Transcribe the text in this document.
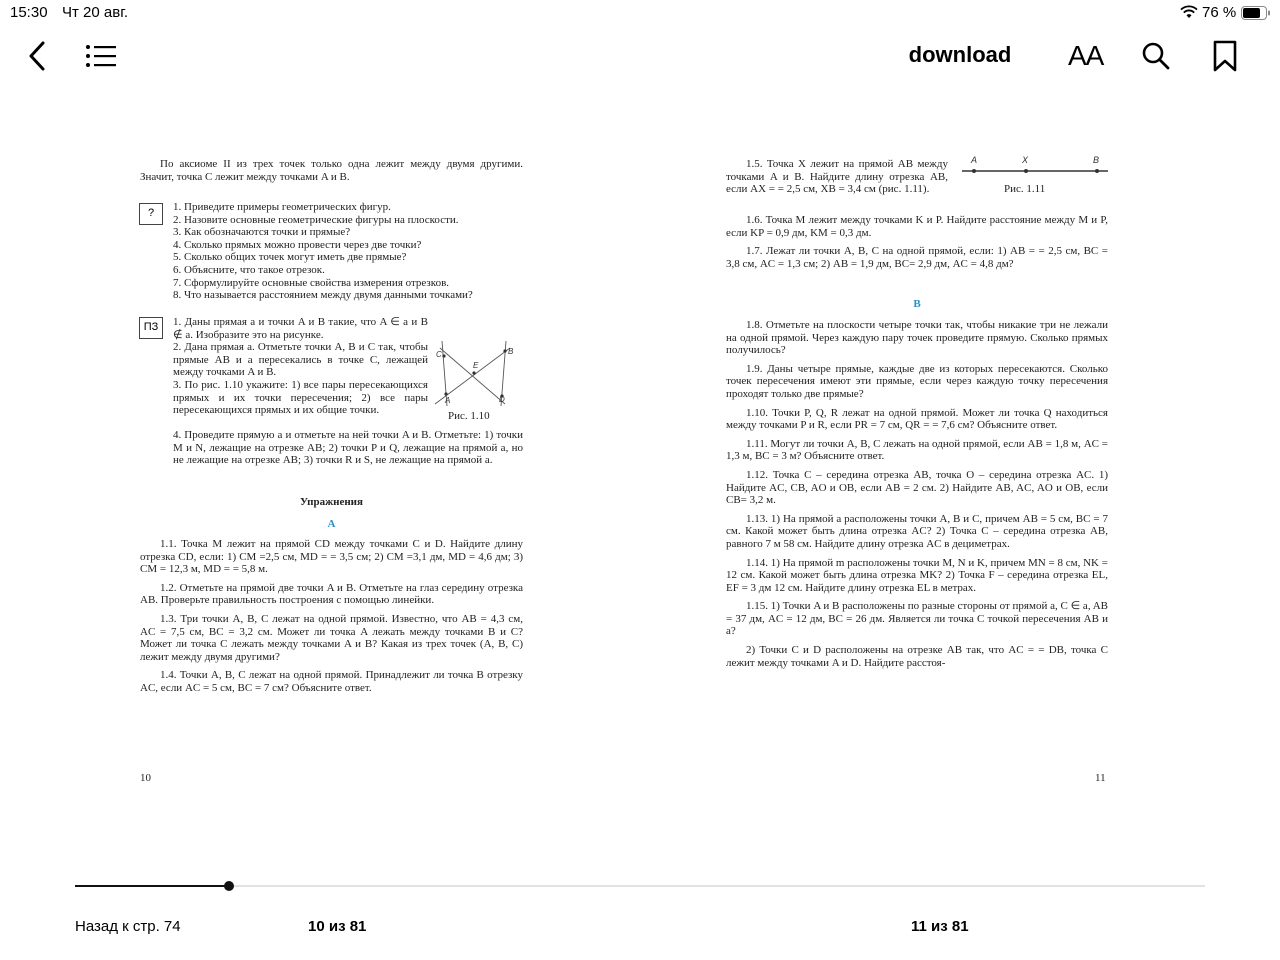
15:30 Чт 20 авг.	76 %
download	AA

По аксиоме II из трех точек только одна лежит между двумя другими. Значит, точка C лежит между точками A и B.

?	1. Приведите примеры геометрических фигур.
2. Назовите основные геометрические фигуры на плоскости.
3. Как обозначаются точки и прямые?
4. Сколько прямых можно провести через две точки?
5. Сколько общих точек могут иметь две прямые?
6. Объясните, что такое отрезок.
7. Сформулируйте основные свойства измерения отрезков.
8. Что называется расстоянием между двумя данными точками?
ПЗ	1. Даны прямая a и точки A и B такие, что A ∈ a и B ∉ a. Изобразите это на рисунке.

2. Дана прямая a. Отметьте точки A, B и C так, чтобы прямые AB и a пересекались в точке C, лежащей между точками A и B.

3. По рис. 1.10 укажите: 1) все пары пересекающихся прямых и их точки пересечения; 2) все пары пересекающихся прямых и их общие точки.

A
B
C
D
E
Рис. 1.10

4. Проведите прямую a и отметьте на ней точки A и B. Отметьте: 1) точки M и N, лежащие на отрезке AB; 2) точки P и Q, лежащие на прямой a, но не лежащие на отрезке AB; 3) точки R и S, не лежащие на прямой a.

Упражнения
А

1.1. Точка M лежит на прямой CD между точками C и D. Найдите длину отрезка CD, если: 1) CM =2,5 см, MD = = 3,5 см; 2) CM =3,1 дм, MD = 4,6 дм; 3) CM = 12,3 м, MD = = 5,8 м.

1.2. Отметьте на прямой две точки A и B. Отметьте на глаз середину отрезка AB. Проверьте правильность построения с помощью линейки.

1.3. Три точки A, B, C лежат на одной прямой. Известно, что AB = 4,3 см, AC = 7,5 см, BC = 3,2 см. Может ли точка A лежать между точками B и C? Может ли точка C лежать между точками A и B? Какая из трех точек (A, B, C) лежит между двумя другими?

1.4. Точки A, B, C лежат на одной прямой. Принадлежит ли точка B отрезку AC, если AC = 5 см, BC = 7 см? Объясните ответ.

10

1.5. Точка X лежит на прямой AB между точками A и B. Найдите длину отрезка AB, если AX = = 2,5 см, XB = 3,4 см (рис. 1.11).

A	X	B
Рис. 1.11

1.6. Точка M лежит между точками K и P. Найдите расстояние между M и P, если KP = 0,9 дм, KM = 0,3 дм.

1.7. Лежат ли точки A, B, C на одной прямой, если: 1) AB = = 2,5 см, BC = 3,8 см, AC = 1,3 см; 2) AB = 1,9 дм, BC= 2,9 дм, AC = 4,8 дм?

В

1.8. Отметьте на плоскости четыре точки так, чтобы никакие три не лежали на одной прямой. Через каждую пару точек проведите прямую. Сколько прямых получилось?

1.9. Даны четыре прямые, каждые две из которых пересекаются. Сколько точек пересечения имеют эти прямые, если через каждую точку пересечения проходят только две прямые?

1.10. Точки P, Q, R лежат на одной прямой. Может ли точка Q находиться между точками P и R, если PR = 7 см, QR = = 7,6 см? Объясните ответ.

1.11. Могут ли точки A, B, C лежать на одной прямой, если AB = 1,8 м, AC = 1,3 м, BC = 3 м? Объясните ответ.

1.12. Точка C – середина отрезка AB, точка O – середина отрезка AC. 1) Найдите AC, CB, AO и OB, если AB = 2 см. 2) Найдите AB, AC, AO и OB, если CB= 3,2 м.

1.13. 1) На прямой a расположены точки A, B и C, причем AB = 5 см, BC = 7 см. Какой может быть длина отрезка AC? 2) Точка C – середина отрезка AB, равного 7 м 58 см. Найдите длину отрезка AC в дециметрах.

1.14. 1) На прямой m расположены точки M, N и K, причем MN = 8 см, NK = 12 см. Какой может быть длина отрезка MK? 2) Точка F – середина отрезка EL, EF = 3 дм 12 см. Найдите длину отрезка EL в метрах.

1.15. 1) Точки A и B расположены по разные стороны от прямой a, C ∈ a, AB = 37 дм, AC = 12 дм, BC = 26 дм. Является ли точка C точкой пересечения AB и a?

2) Точки C и D расположены на отрезке AB так, что AC = = DB, точка C лежит между точками A и D. Найдите расстоя-

11
Назад к стр. 74	10 из 81	11 из 81
